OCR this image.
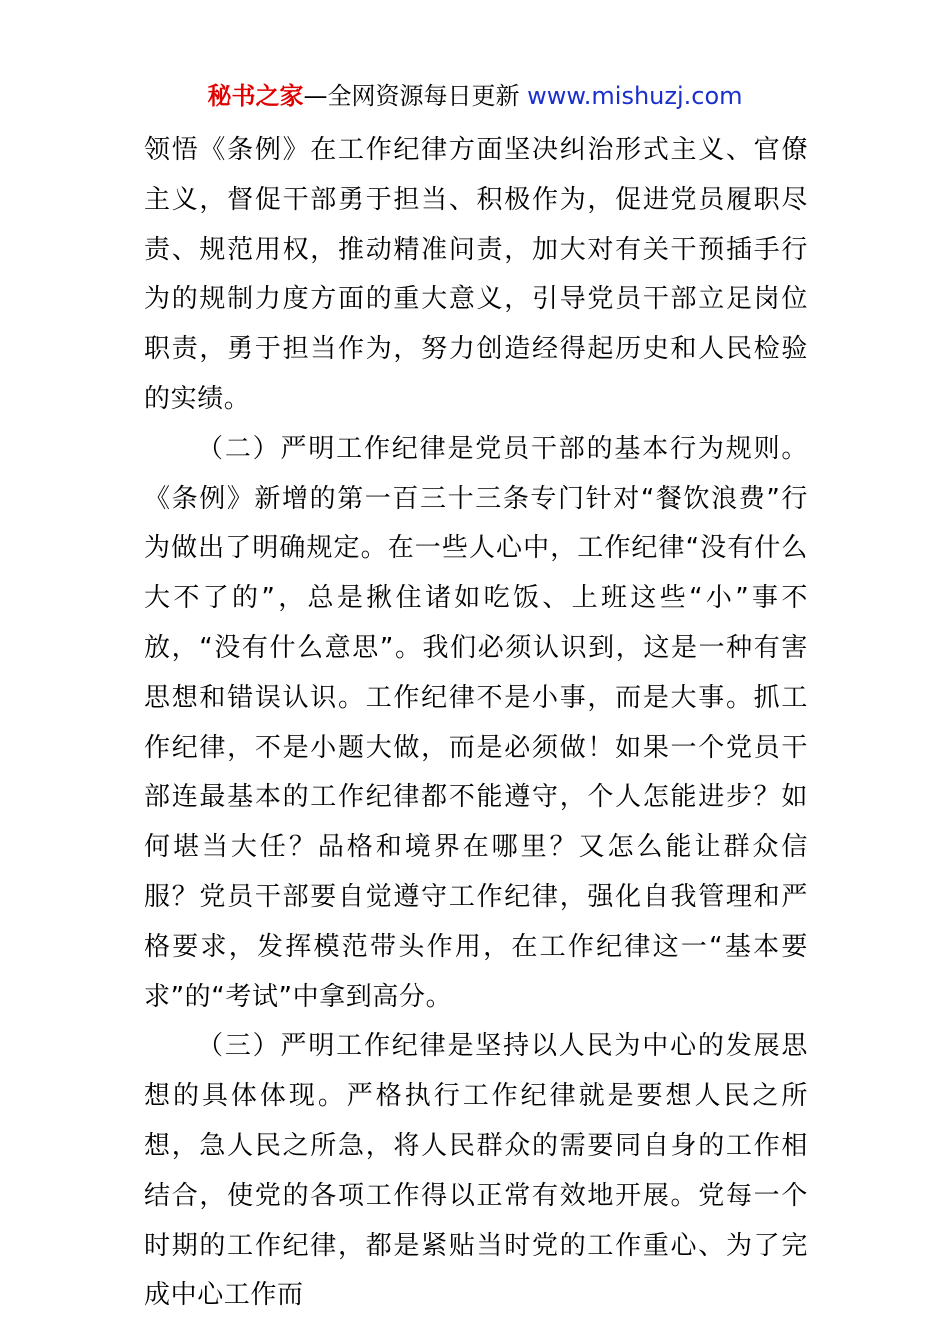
秘书之家—全网资源每日更新 www.mishuzj.com

领悟《条例》在工作纪律方面坚决纠治形式主义、官僚主义，督促干部勇于担当、积极作为，促进党员履职尽责、规范用权，推动精准问责，加大对有关干预插手行为的规制力度方面的重大意义，引导党员干部立足岗位职责，勇于担当作为，努力创造经得起历史和人民检验的实绩。

（二）严明工作纪律是党员干部的基本行为规则。《条例》新增的第一百三十三条专门针对“餐饮浪费”行为做出了明确规定。在一些人心中，工作纪律“没有什么大不了的”，总是揪住诸如吃饭、上班这些“小”事不放，“没有什么意思”。我们必须认识到，这是一种有害思想和错误认识。工作纪律不是小事，而是大事。抓工作纪律，不是小题大做，而是必须做！如果一个党员干部连最基本的工作纪律都不能遵守，个人怎能进步？如何堪当大任？品格和境界在哪里？又怎么能让群众信服？党员干部要自觉遵守工作纪律，强化自我管理和严格要求，发挥模范带头作用，在工作纪律这一“基本要求”的“考试”中拿到高分。

（三）严明工作纪律是坚持以人民为中心的发展思想的具体体现。严格执行工作纪律就是要想人民之所想，急人民之所急，将人民群众的需要同自身的工作相结合，使党的各项工作得以正常有效地开展。党每一个时期的工作纪律，都是紧贴当时党的工作重心、为了完成中心工作而
